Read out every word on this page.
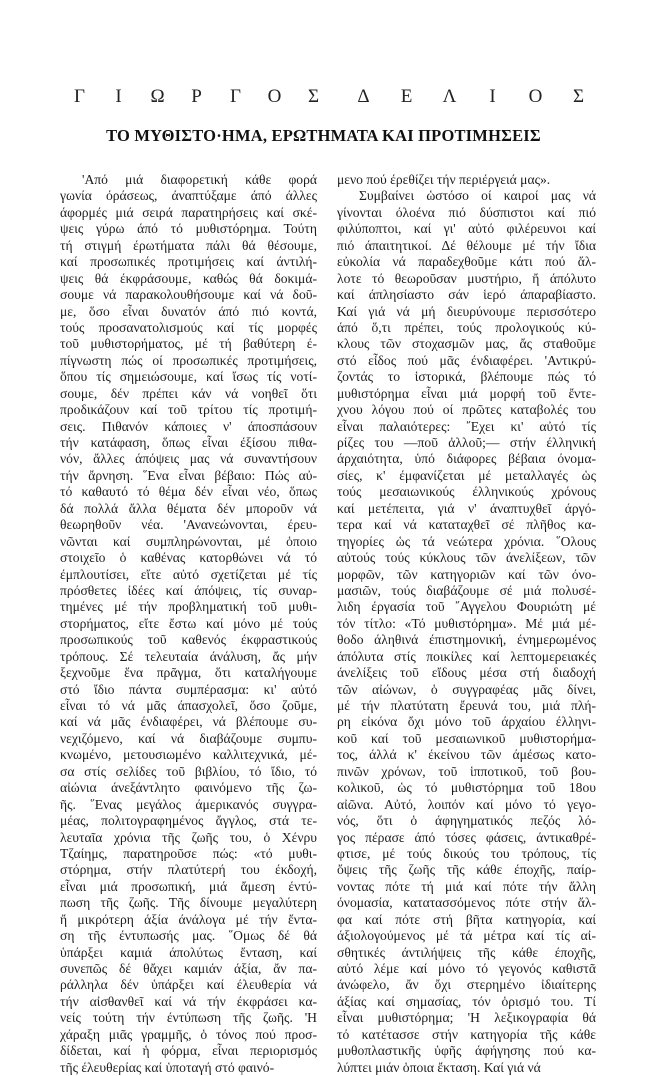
Γ	Ι	Ω	Ρ	Γ	Ο	Σ	Δ	Ε	Λ	Ι	Ο	Σ
ΤΟ ΜΥΘΙΣΤΟ·ΗΜΑ, ΕΡΩΤΗΜΑΤΑ ΚΑΙ ΠΡΟΤΙΜΗΣΕΙΣ
'Από μιά διαφορετική κάθε φορά
γωνία όράσεως, άναπτύξαμε άπό άλλες
άφορμές μιά σειρά παρατηρήσεις καί σκέ-
ψεις γύρω άπό τό μυθιστόρημα. Τούτη
τή στιγμή έρωτήματα πάλι θά θέσουμε,
καί προσωπικές προτιμήσεις καί άντιλή-
ψεις θά έκφράσουμε, καθώς θά δοκιμά-
σουμε νά παρακολουθήσουμε καί νά δοῦ-
με, ὅσο εἶναι δυνατόν άπό πιό κοντά,
τούς προσανατολισμούς καί τίς μορφές
τοῦ μυθιστορήματος, μέ τή βαθύτερη έ-
πίγνωστη πώς οί προσωπικές προτιμήσεις,
ὅπου τίς σημειώσουμε, καί ἴσως τίς νοτί-
σουμε, δέν πρέπει κάν νά νοηθεῖ ὅτι
προδικάζουν καί τοῦ τρίτου τίς προτιμή-
σεις. Πιθανόν κάποιες ν' άποσπάσουν
τήν κατάφαση, ὅπως εἶναι έξίσου πιθα-
νόν, ἄλλες άπόψεις μας νά συναντήσουν
τήν ἄρνηση. ῞Ενα εἶναι βέβαιο: Πώς αὐ-
τό καθαυτό τό θέμα δέν εἶναι νέο, ὅπως
δά πολλά ἄλλα θέματα δέν μποροῦν νά
θεωρηθοῦν νέα. 'Ανανεώνονται, έρευ-
νῶνται καί συμπληρώνονται, μέ ὁποιο
στοιχεῖο ὁ καθένας κατορθώνει νά τό
έμπλουτίσει, εἴτε αὐτό σχετίζεται μέ τίς
πρόσθετες ἰδέες καί άπόψεις, τίς συναρ-
τημένες μέ τήν προβληματική τοῦ μυθι-
στορήματος, εἴτε ἔστω καί μόνο μέ τούς
προσωπικούς τοῦ καθενός έκφραστικούς
τρόπους. Σέ τελευταία άνάλυση, ἄς μήν
ξεχνοῦμε ἕνα πρᾶγμα, ὅτι καταλήγουμε
στό ἴδιο πάντα συμπέρασμα: κι' αὐτό
εἶναι τό νά μᾶς άπασχολεῖ, ὅσο ζοῦμε,
καί νά μᾶς ένδιαφέρει, νά βλέπουμε συ-
νεχιζόμενο, καί νά διαβάζουμε συμπυ-
κνωμένο, μετουσιωμένο καλλιτεχνικά, μέ-
σα στίς σελίδες τοῦ βιβλίου, τό ἴδιο, τό
αἰώνια άνεξάντλητο φαινόμενο τῆς ζω-
ῆς. ῞Ενας μεγάλος άμερικανός συγγρα-
μέας, πολιτογραφημένος ἄγγλος, στά τε-
λευταῖα χρόνια τῆς ζωῆς του, ὁ Χένρυ
Τζαίημς, παρατηροῦσε πώς: «τό μυθι-
στόρημα, στήν πλατύτερή του έκδοχή,
εἶναι μιά προσωπική, μιά ἄμεση έντύ-
πωση τῆς ζωῆς. Τῆς δίνουμε μεγαλύτερη
ἤ μικρότερη άξία άνάλογα μέ τήν ἔντα-
ση τῆς έντυπωσής μας. ῞Ομως δέ θά
ὑπάρξει καμιά άπολύτως ἔνταση, καί
συνεπῶς δέ θἄχει καμιάν άξία, ἄν πα-
ράλληλα δέν ὑπάρξει καί έλευθερία νά
τήν αἰσθανθεῖ καί νά τήν έκφράσει κα-
νείς τούτη τήν έντύπωση τῆς ζωῆς. 'Η
χάραξη μιᾶς γραμμῆς, ὁ τόνος πού προσ-
δίδεται, καί ἡ φόρμα, εἶναι περιορισμός
τῆς έλευθερίας καί ὑποταγή στό φαινό-
μενο πού έρεθίζει τήν περιέργειά μας».
Συμβαίνει ὡστόσο οί καιροί μας νά
γίνονται όλοένα πιό δύσπιστοι καί πιό
φιλύποπτοι, καί γι' αὐτό φιλέρευνοι καί
πιό άπαιτητικοί. Δέ θέλουμε μέ τήν ἴδια
εὐκολία νά παραδεχθοῦμε κάτι πού ἄλ-
λοτε τό θεωροῦσαν μυστήριο, ἤ άπόλυτο
καί άπλησίαστο σάν ἱερό άπαραβίαστο.
Καί γιά νά μή διευρύνουμε περισσότερο
άπό ὅ,τι πρέπει, τούς προλογικούς κύ-
κλους τῶν στοχασμῶν μας, ἄς σταθοῦμε
στό εἶδος πού μᾶς ένδιαφέρει. 'Αντικρύ-
ζοντάς το ἱστορικά, βλέπουμε πώς τό
μυθιστόρημα εἶναι μιά μορφή τοῦ ἔντε-
χνου λόγου πού οί πρῶτες καταβολές του
εἶναι παλαιότερες: ῎Εχει κι' αὐτό τίς
ρίζες του —ποῦ ἀλλοῦ;— στήν έλληνική
άρχαιότητα, ὑπό διάφορες βέβαια όνομα-
σίες, κ' έμφανίζεται μέ μεταλλαγές ὡς
τούς μεσαιωνικούς έλληνικούς χρόνους
καί μετέπειτα, γιά ν' άναπτυχθεῖ άργό-
τερα καί νά καταταχθεῖ σέ πλῆθος κα-
τηγορίες ὡς τά νεώτερα χρόνια. ῞Ολους
αὐτούς τούς κύκλους τῶν άνελίξεων, τῶν
μορφῶν, τῶν κατηγοριῶν καί τῶν όνο-
μασιῶν, τούς διαβάζουμε σέ μιά πολυσέ-
λιδη έργασία τοῦ ῎Αγγελου Φουριώτη μέ
τόν τίτλο: «Τό μυθιστόρημα». Μέ μιά μέ-
θοδο άληθινά έπιστημονική, ένημερωμένος
άπόλυτα στίς ποικίλες καί λεπτομερειακές
άνελίξεις τοῦ εἴδους μέσα στή διαδοχή
τῶν αἰώνων, ὁ συγγραφέας μᾶς δίνει,
μέ τήν πλατύτατη ἔρευνά του, μιά πλή-
ρη εἰκόνα ὄχι μόνο τοῦ άρχαίου έλληνι-
κοῦ καί τοῦ μεσαιωνικοῦ μυθιστορήμα-
τος, άλλά κ' έκείνου τῶν άμέσως κατο-
πινῶν χρόνων, τοῦ ἱπποτικοῦ, τοῦ βου-
κολικοῦ, ὡς τό μυθιστόρημα τοῦ 18ου
αἰῶνα. Αὐτό, λοιπόν καί μόνο τό γεγο-
νός, ὅτι ὁ άφηγηματικός πεζός λό-
γος πέρασε άπό τόσες φάσεις, άντικαθρέ-
φτισε, μέ τούς δικούς του τρόπους, τίς
ὄψεις τῆς ζωῆς τῆς κάθε έποχῆς, παίρ-
νοντας πότε τή μιά καί πότε τήν ἄλλη
όνομασία, κατατασσόμενος πότε στήν ἄλ-
φα καί πότε στή βῆτα κατηγορία, καί
άξιολογούμενος μέ τά μέτρα καί τίς αἰ-
σθητικές άντιλήψεις τῆς κάθε έποχῆς,
αὐτό λέμε καί μόνο τό γεγονός καθιστᾶ
άνώφελο, ἄν ὄχι στερημένο ἰδιαίτερης
άξίας καί σημασίας, τόν ὁρισμό του. Τί
εἶναι μυθιστόρημα; 'Η λεξικογραφία θά
τό κατέτασσε στήν κατηγορία τῆς κάθε
μυθοπλαστικῆς ὑφῆς άφήγησης πού κα-
λύπτει μιάν ὁποια ἔκταση. Καί γιά νά
